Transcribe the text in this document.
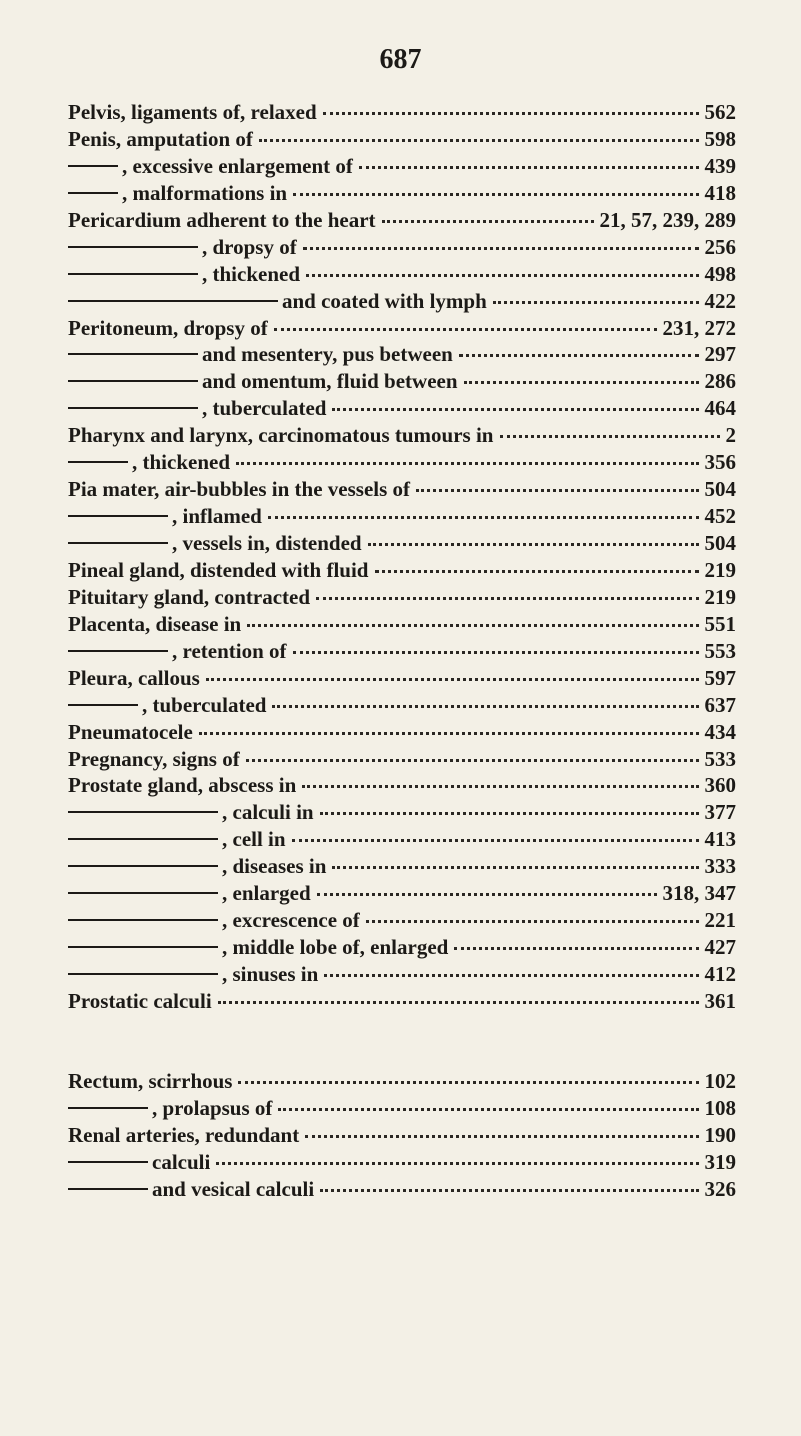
687
Pelvis, ligaments of, relaxed	562
Penis, amputation of	598
, excessive enlargement of	439
, malformations in	418
Pericardium adherent to the heart	21, 57, 239, 289
, dropsy of	256
, thickened	498
and coated with lymph	422
Peritoneum, dropsy of	231, 272
and mesentery, pus between	297
and omentum, fluid between	286
, tuberculated	464
Pharynx and larynx, carcinomatous tumours in	2
, thickened	356
Pia mater, air-bubbles in the vessels of	504
, inflamed	452
, vessels in, distended	504
Pineal gland, distended with fluid	219
Pituitary gland, contracted	219
Placenta, disease in	551
, retention of	553
Pleura, callous	597
, tuberculated	637
Pneumatocele	434
Pregnancy, signs of	533
Prostate gland, abscess in	360
, calculi in	377
, cell in	413
, diseases in	333
, enlarged	318, 347
, excrescence of	221
, middle lobe of, enlarged	427
, sinuses in	412
Prostatic calculi	361
Rectum, scirrhous	102
, prolapsus of	108
Renal arteries, redundant	190
calculi	319
and vesical calculi	326
